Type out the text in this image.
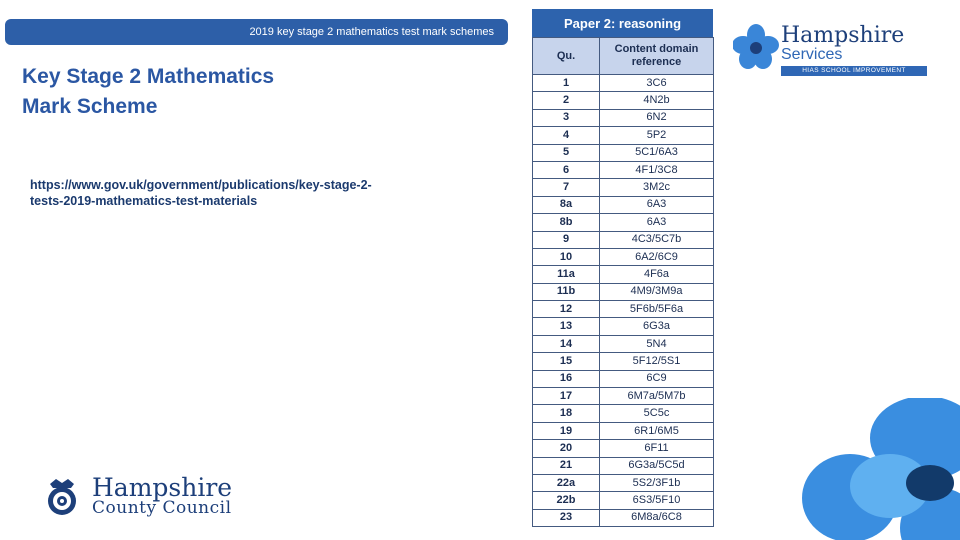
2019 key stage 2 mathematics test mark schemes
Key Stage 2 Mathematics
Mark Scheme
https://www.gov.uk/government/publications/key-stage-2-
tests-2019-mathematics-test-materials
Hampshire
County Council
Paper 2: reasoning
Qu.	Content domain reference
1	3C6
2	4N2b
3	6N2
4	5P2
5	5C1/6A3
6	4F1/3C8
7	3M2c
8a	6A3
8b	6A3
9	4C3/5C7b
10	6A2/6C9
11a	4F6a
11b	4M9/3M9a
12	5F6b/5F6a
13	6G3a
14	5N4
15	5F12/5S1
16	6C9
17	6M7a/5M7b
18	5C5c
19	6R1/6M5
20	6F11
21	6G3a/5C5d
22a	5S2/3F1b
22b	6S3/5F10
23	6M8a/6C8
Hampshire
Services
HIAS SCHOOL IMPROVEMENT
